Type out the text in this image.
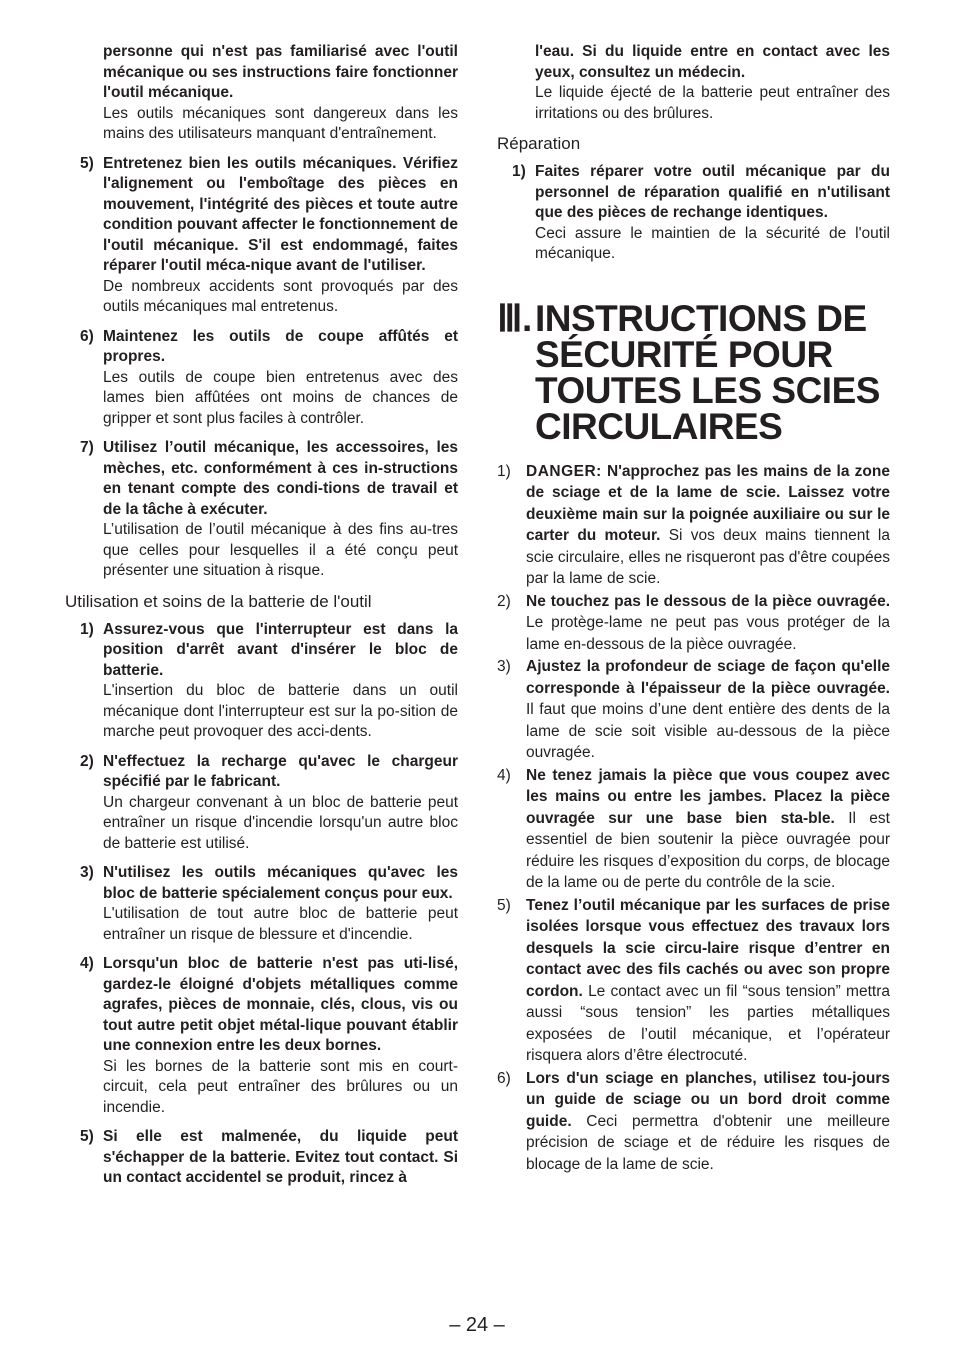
personne qui n'est pas familiarisé avec l'outil mécanique ou ses instructions faire fonctionner l'outil mécanique.
Les outils mécaniques sont dangereux dans les mains des utilisateurs manquant d'entraînement.
5) Entretenez bien les outils mécaniques. Vérifiez l'alignement ou l'emboîtage des pièces en mouvement, l'intégrité des pièces et toute autre condition pouvant affecter le fonctionnement de l'outil mécanique. S'il est endommagé, faites réparer l'outil méca-nique avant de l'utiliser.
De nombreux accidents sont provoqués par des outils mécaniques mal entretenus.
6) Maintenez les outils de coupe affûtés et propres.
Les outils de coupe bien entretenus avec des lames bien affûtées ont moins de chances de gripper et sont plus faciles à contrôler.
7) Utilisez l’outil mécanique, les accessoires, les mèches, etc. conformément à ces in-structions en tenant compte des condi-tions de travail et de la tâche à exécuter.
L’utilisation de l’outil mécanique à des fins au-tres que celles pour lesquelles il a été conçu peut présenter une situation à risque.
Utilisation et soins de la batterie de l'outil
1) Assurez-vous que l'interrupteur est dans la position d'arrêt avant d'insérer le bloc de batterie.
L'insertion du bloc de batterie dans un outil mécanique dont l'interrupteur est sur la po-sition de marche peut provoquer des acci-dents.
2) N'effectuez la recharge qu'avec le chargeur spécifié par le fabricant.
Un chargeur convenant à un bloc de batterie peut entraîner un risque d'incendie lorsqu'un autre bloc de batterie est utilisé.
3) N'utilisez les outils mécaniques qu'avec les bloc de batterie spécialement conçus pour eux.
L'utilisation de tout autre bloc de batterie peut entraîner un risque de blessure et d'incendie.
4) Lorsqu'un bloc de batterie n'est pas uti-lisé, gardez-le éloigné d'objets métalliques comme agrafes, pièces de monnaie, clés, clous, vis ou tout autre petit objet métal-lique pouvant établir une connexion entre les deux bornes.
Si les bornes de la batterie sont mis en court-circuit, cela peut entraîner des brûlures ou un incendie.
5) Si elle est malmenée, du liquide peut s'échapper de la batterie. Evitez tout contact. Si un contact accidentel se produit, rincez à
l'eau. Si du liquide entre en contact avec les yeux, consultez un médecin.
Le liquide éjecté de la batterie peut entraîner des irritations ou des brûlures.
Réparation
1) Faites réparer votre outil mécanique par du personnel de réparation qualifié en n'utilisant que des pièces de rechange identiques.
Ceci assure le maintien de la sécurité de l'outil mécanique.
Ⅲ. INSTRUCTIONS DE SÉCURITÉ POUR TOUTES LES SCIES CIRCULAIRES
1) DANGER: N'approchez pas les mains de la zone de sciage et de la lame de scie. Laissez votre deuxième main sur la poignée auxiliaire ou sur le carter du moteur. Si vos deux mains tiennent la scie circulaire, elles ne risqueront pas d'être coupées par la lame de scie.
2) Ne touchez pas le dessous de la pièce ouvragée. Le protège-lame ne peut pas vous protéger de la lame en-dessous de la pièce ouvragée.
3) Ajustez la profondeur de sciage de façon qu'elle corresponde à l'épaisseur de la pièce ouvragée. Il faut que moins d’une dent entière des dents de la lame de scie soit visible au-dessous de la pièce ouvragée.
4) Ne tenez jamais la pièce que vous coupez avec les mains ou entre les jambes. Placez la pièce ouvragée sur une base bien sta-ble. Il est essentiel de bien soutenir la pièce ouvragée pour réduire les risques d’exposition du corps, de blocage de la lame ou de perte du contrôle de la scie.
5) Tenez l’outil mécanique par les surfaces de prise isolées lorsque vous effectuez des travaux lors desquels la scie circu-laire risque d’entrer en contact avec des fils cachés ou avec son propre cordon. Le contact avec un fil “sous tension” mettra aussi “sous tension” les parties métalliques exposées de l’outil mécanique, et l’opérateur risquera alors d’être électrocuté.
6) Lors d'un sciage en planches, utilisez tou-jours un guide de sciage ou un bord droit comme guide. Ceci permettra d'obtenir une meilleure précision de sciage et de réduire les risques de blocage de la lame de scie.
– 24 –
